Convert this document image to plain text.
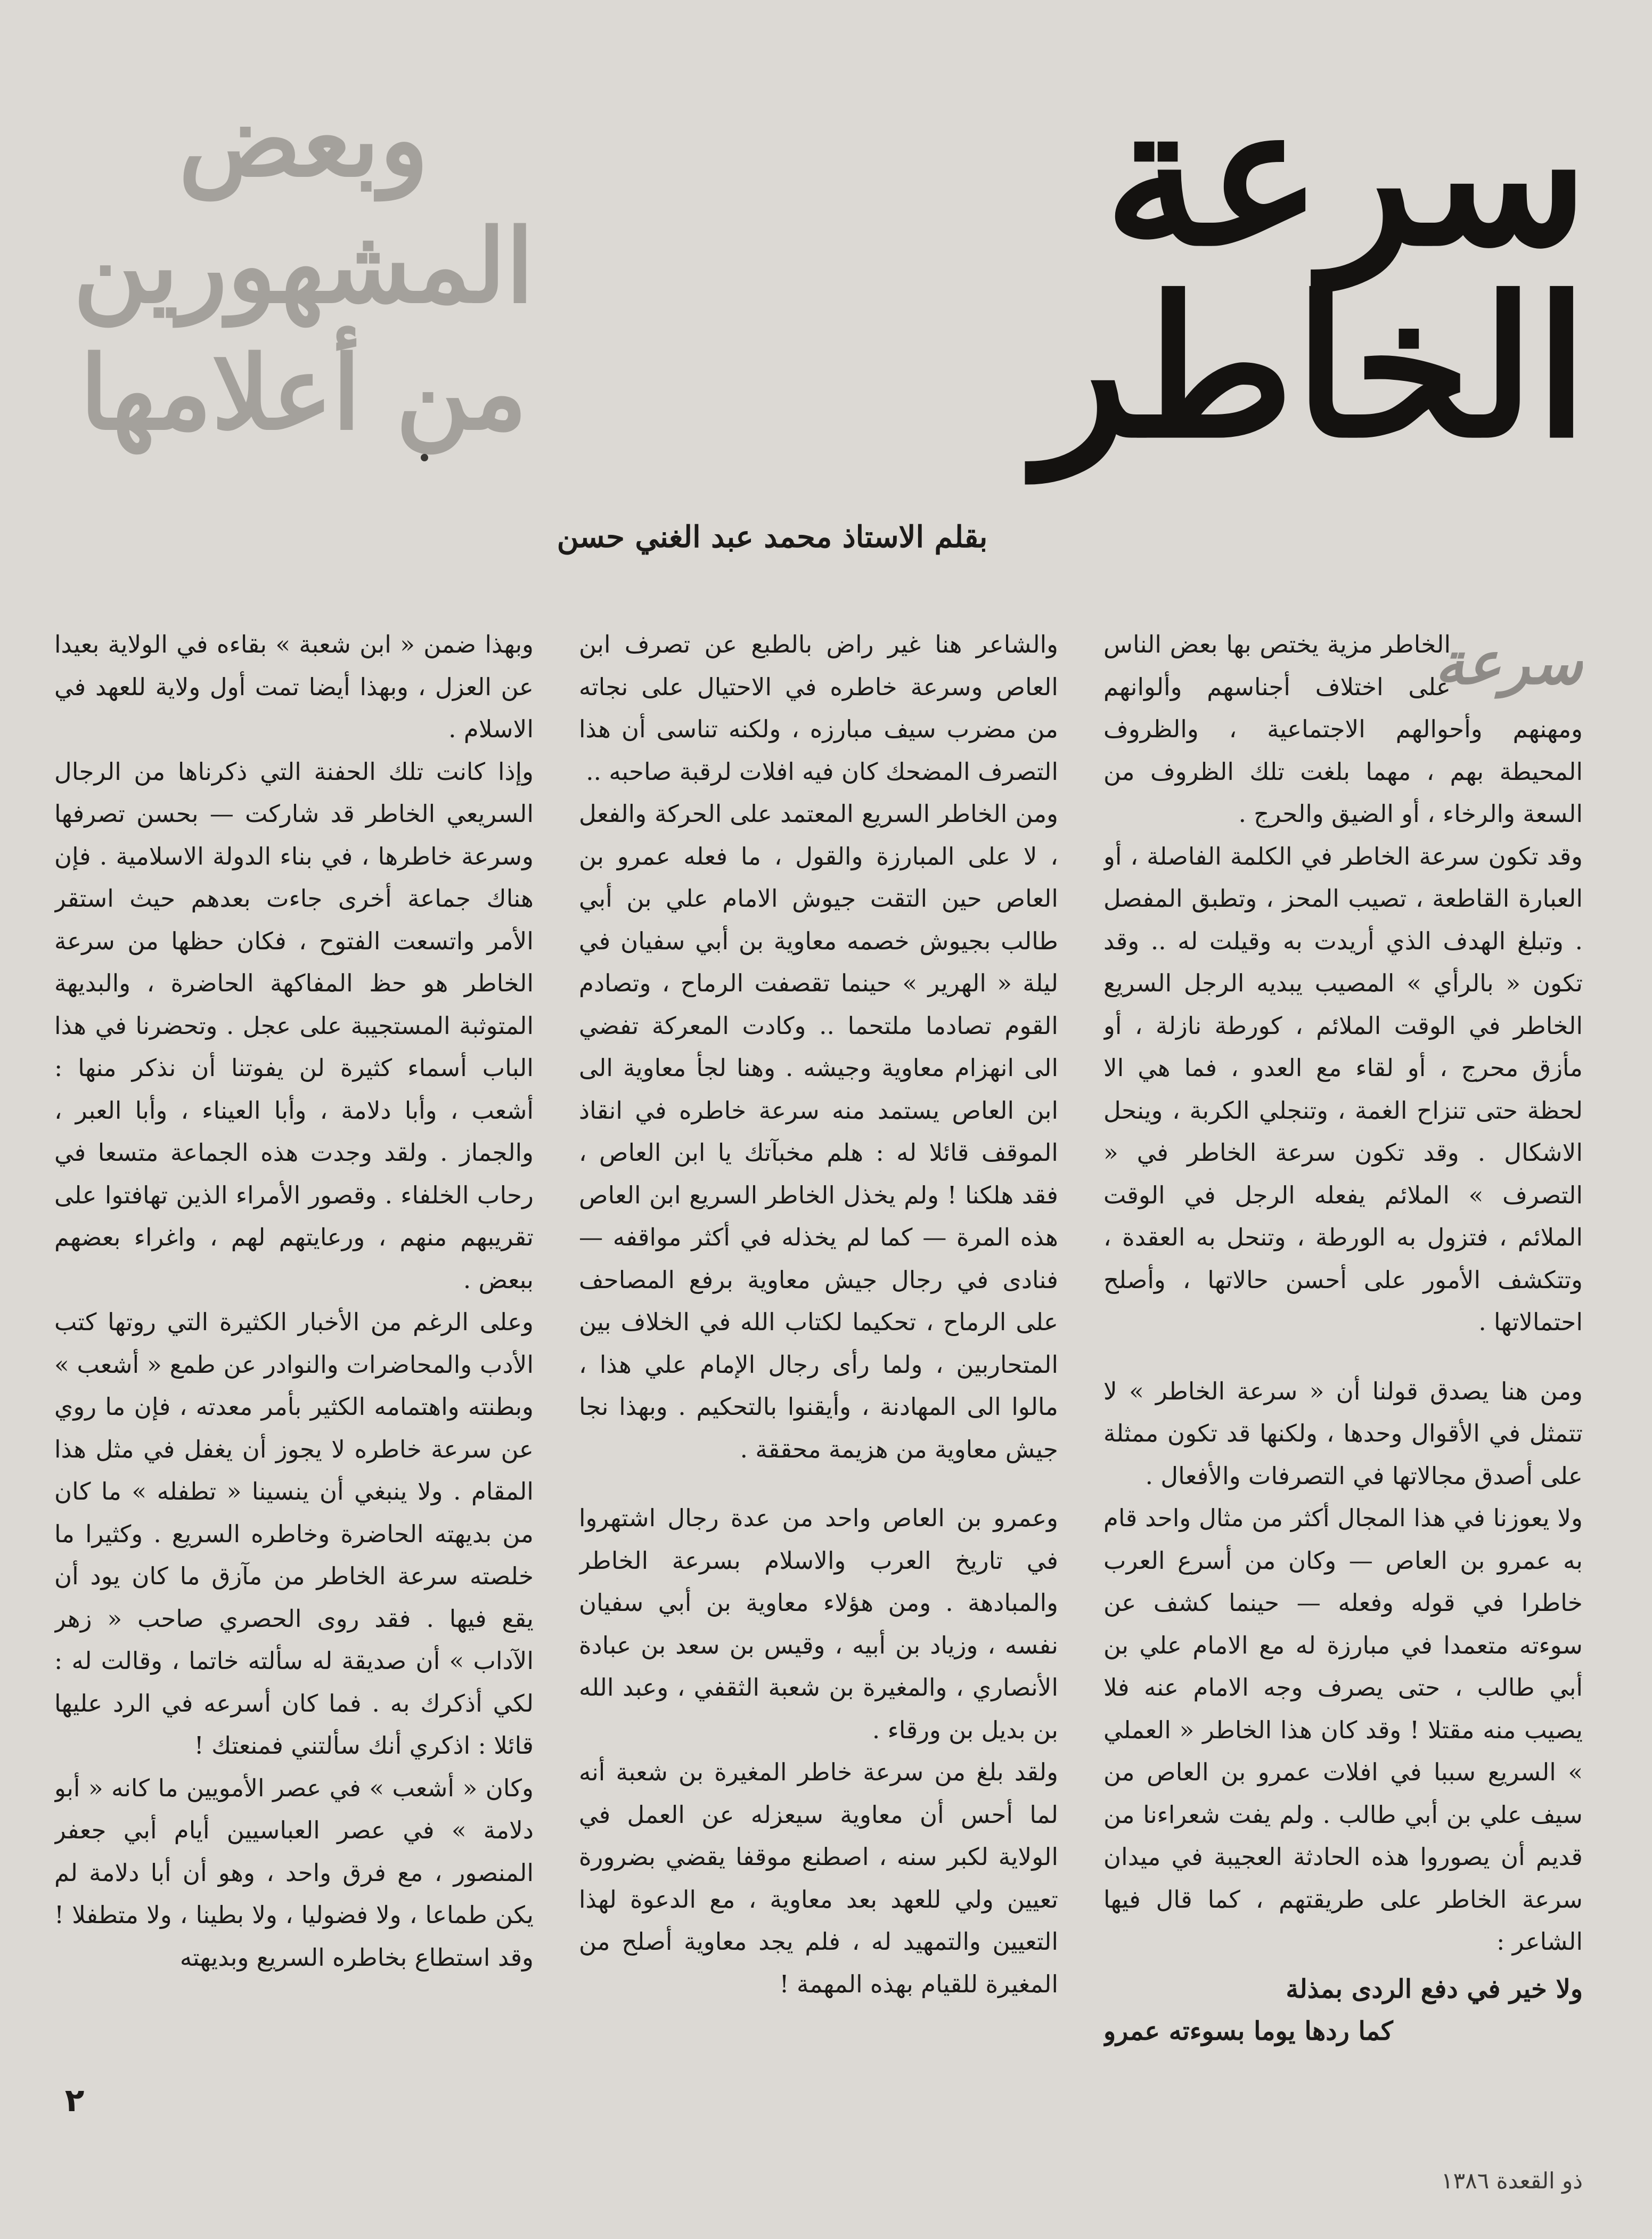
سرعة الخاطر
وبعض المشهورين
من أعلامها
بقلم الاستاذ محمد عبد الغني حسن

سرعة
الخاطر مزية يختص بها بعض الناس على اختلاف أجناسهم وألوانهم ومهنهم وأحوالهم الاجتماعية ، والظروف المحيطة بهم ، مهما بلغت تلك الظروف من السعة والرخاء ، أو الضيق والحرج .

وقد تكون سرعة الخاطر في الكلمة الفاصلة ، أو العبارة القاطعة ، تصيب المحز ، وتطبق المفصل . وتبلغ الهدف الذي أريدت به وقيلت له .. وقد تكون « بالرأي » المصيب يبديه الرجل السريع الخاطر في الوقت الملائم ، كورطة نازلة ، أو مأزق محرج ، أو لقاء مع العدو ، فما هي الا لحظة حتى تنزاح الغمة ، وتنجلي الكربة ، وينحل الاشكال . وقد تكون سرعة الخاطر في « التصرف » الملائم يفعله الرجل في الوقت الملائم ، فتزول به الورطة ، وتنحل به العقدة ، وتتكشف الأمور على أحسن حالاتها ، وأصلح احتمالاتها .

ومن هنا يصدق قولنا أن « سرعة الخاطر » لا تتمثل في الأقوال وحدها ، ولكنها قد تكون ممثلة على أصدق مجالاتها في التصرفات والأفعال .

ولا يعوزنا في هذا المجال أكثر من مثال واحد قام به عمرو بن العاص — وكان من أسرع العرب خاطرا في قوله وفعله — حينما كشف عن سوءته متعمدا في مبارزة له مع الامام علي بن أبي طالب ، حتى يصرف وجه الامام عنه فلا يصيب منه مقتلا ! وقد كان هذا الخاطر « العملي » السريع سببا في افلات عمرو بن العاص من سيف علي بن أبي طالب . ولم يفت شعراءنا من قديم أن يصوروا هذه الحادثة العجيبة في ميدان سرعة الخاطر على طريقتهم ، كما قال فيها الشاعر :

ولا خير في دفع الردى بمذلة
كما ردها يوما بسوءته عمرو

والشاعر هنا غير راض بالطبع عن تصرف ابن العاص وسرعة خاطره في الاحتيال على نجاته من مضرب سيف مبارزه ، ولكنه تناسى أن هذا التصرف المضحك كان فيه افلات لرقبة صاحبه ..

ومن الخاطر السريع المعتمد على الحركة والفعل ، لا على المبارزة والقول ، ما فعله عمرو بن العاص حين التقت جيوش الامام علي بن أبي طالب بجيوش خصمه معاوية بن أبي سفيان في ليلة « الهرير » حينما تقصفت الرماح ، وتصادم القوم تصادما ملتحما .. وكادت المعركة تفضي الى انهزام معاوية وجيشه . وهنا لجأ معاوية الى ابن العاص يستمد منه سرعة خاطره في انقاذ الموقف قائلا له : هلم مخبآتك يا ابن العاص ، فقد هلكنا ! ولم يخذل الخاطر السريع ابن العاص هذه المرة — كما لم يخذله في أكثر مواقفه — فنادى في رجال جيش معاوية برفع المصاحف على الرماح ، تحكيما لكتاب الله في الخلاف بين المتحاربين ، ولما رأى رجال الإمام علي هذا ، مالوا الى المهادنة ، وأيقنوا بالتحكيم . وبهذا نجا جيش معاوية من هزيمة محققة .

وعمرو بن العاص واحد من عدة رجال اشتهروا في تاريخ العرب والاسلام بسرعة الخاطر والمبادهة . ومن هؤلاء معاوية بن أبي سفيان نفسه ، وزياد بن أبيه ، وقيس بن سعد بن عبادة الأنصاري ، والمغيرة بن شعبة الثقفي ، وعبد الله بن بديل بن ورقاء .

ولقد بلغ من سرعة خاطر المغيرة بن شعبة أنه لما أحس أن معاوية سيعزله عن العمل في الولاية لكبر سنه ، اصطنع موقفا يقضي بضرورة تعيين ولي للعهد بعد معاوية ، مع الدعوة لهذا التعيين والتمهيد له ، فلم يجد معاوية أصلح من المغيرة للقيام بهذه المهمة !

وبهذا ضمن « ابن شعبة » بقاءه في الولاية بعيدا عن العزل ، وبهذا أيضا تمت أول ولاية للعهد في الاسلام .

وإذا كانت تلك الحفنة التي ذكرناها من الرجال السريعي الخاطر قد شاركت — بحسن تصرفها وسرعة خاطرها ، في بناء الدولة الاسلامية . فإن هناك جماعة أخرى جاءت بعدهم حيث استقر الأمر واتسعت الفتوح ، فكان حظها من سرعة الخاطر هو حظ المفاكهة الحاضرة ، والبديهة المتوثبة المستجيبة على عجل . وتحضرنا في هذا الباب أسماء كثيرة لن يفوتنا أن نذكر منها : أشعب ، وأبا دلامة ، وأبا العيناء ، وأبا العبر ، والجماز . ولقد وجدت هذه الجماعة متسعا في رحاب الخلفاء . وقصور الأمراء الذين تهافتوا على تقريبهم منهم ، ورعايتهم لهم ، واغراء بعضهم ببعض .

وعلى الرغم من الأخبار الكثيرة التي روتها كتب الأدب والمحاضرات والنوادر عن طمع « أشعب » وبطنته واهتمامه الكثير بأمر معدته ، فإن ما روي عن سرعة خاطره لا يجوز أن يغفل في مثل هذا المقام . ولا ينبغي أن ينسينا « تطفله » ما كان من بديهته الحاضرة وخاطره السريع . وكثيرا ما خلصته سرعة الخاطر من مآزق ما كان يود أن يقع فيها . فقد روى الحصري صاحب « زهر الآداب » أن صديقة له سألته خاتما ، وقالت له : لكي أذكرك به . فما كان أسرعه في الرد عليها قائلا : اذكري أنك سألتني فمنعتك !

وكان « أشعب » في عصر الأمويين ما كانه « أبو دلامة » في عصر العباسيين أيام أبي جعفر المنصور ، مع فرق واحد ، وهو أن أبا دلامة لم يكن طماعا ، ولا فضوليا ، ولا بطينا ، ولا متطفلا ! وقد استطاع بخاطره السريع وبديهته

٢
ذو القعدة ١٣٨٦
